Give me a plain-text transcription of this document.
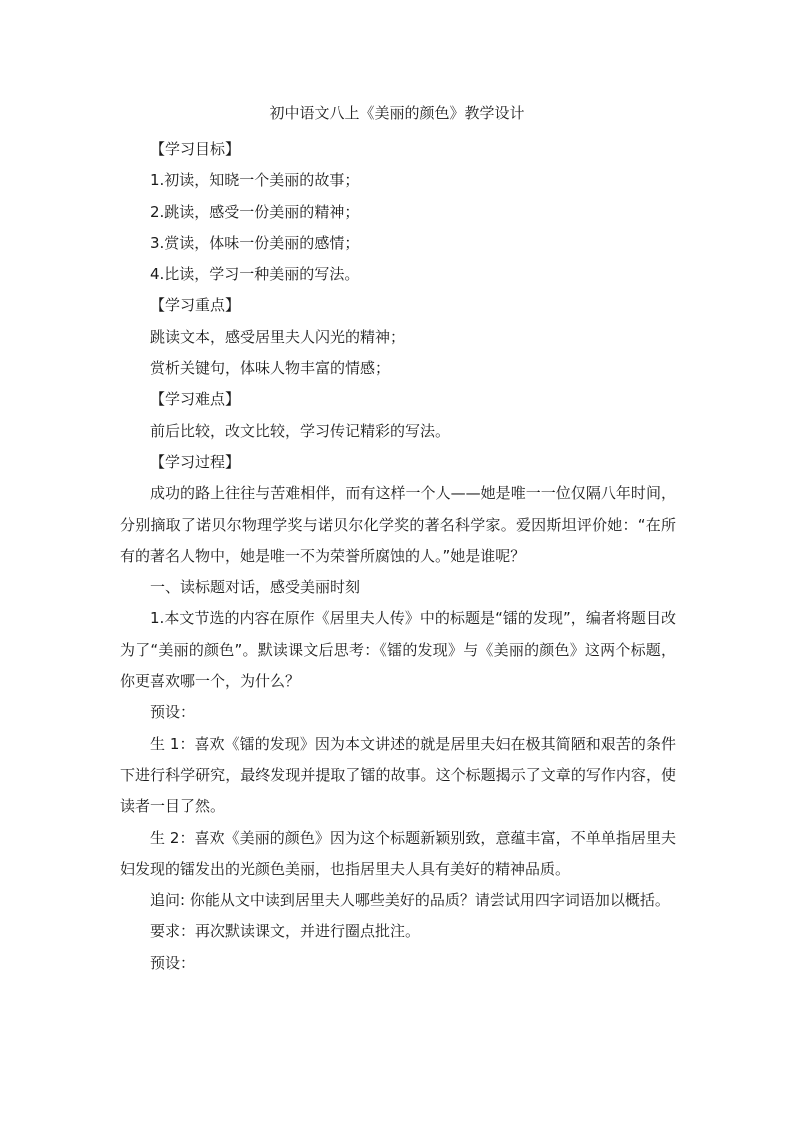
初中语文八上《美丽的颜色》教学设计

【学习目标】

1.初读，知晓一个美丽的故事；

2.跳读，感受一份美丽的精神；

3.赏读，体味一份美丽的感情；

4.比读，学习一种美丽的写法。

【学习重点】

跳读文本，感受居里夫人闪光的精神；

赏析关键句，体味人物丰富的情感；

【学习难点】

前后比较，改文比较，学习传记精彩的写法。

【学习过程】

成功的路上往往与苦难相伴，而有这样一个人——她是唯一一位仅隔八年时间，分别摘取了诺贝尔物理学奖与诺贝尔化学奖的著名科学家。爱因斯坦评价她：“在所有的著名人物中，她是唯一不为荣誉所腐蚀的人。”她是谁呢？

一、读标题对话，感受美丽时刻

1.本文节选的内容在原作《居里夫人传》中的标题是“镭的发现”，编者将题目改为了“美丽的颜色”。默读课文后思考：《镭的发现》与《美丽的颜色》这两个标题，你更喜欢哪一个，为什么？

预设：

生 1：喜欢《镭的发现》因为本文讲述的就是居里夫妇在极其简陋和艰苦的条件下进行科学研究，最终发现并提取了镭的故事。这个标题揭示了文章的写作内容，使读者一目了然。

生 2：喜欢《美丽的颜色》因为这个标题新颖别致，意蕴丰富，不单单指居里夫妇发现的镭发出的光颜色美丽，也指居里夫人具有美好的精神品质。

追问: 你能从文中读到居里夫人哪些美好的品质？请尝试用四字词语加以概括。

要求：再次默读课文，并进行圈点批注。

预设：
